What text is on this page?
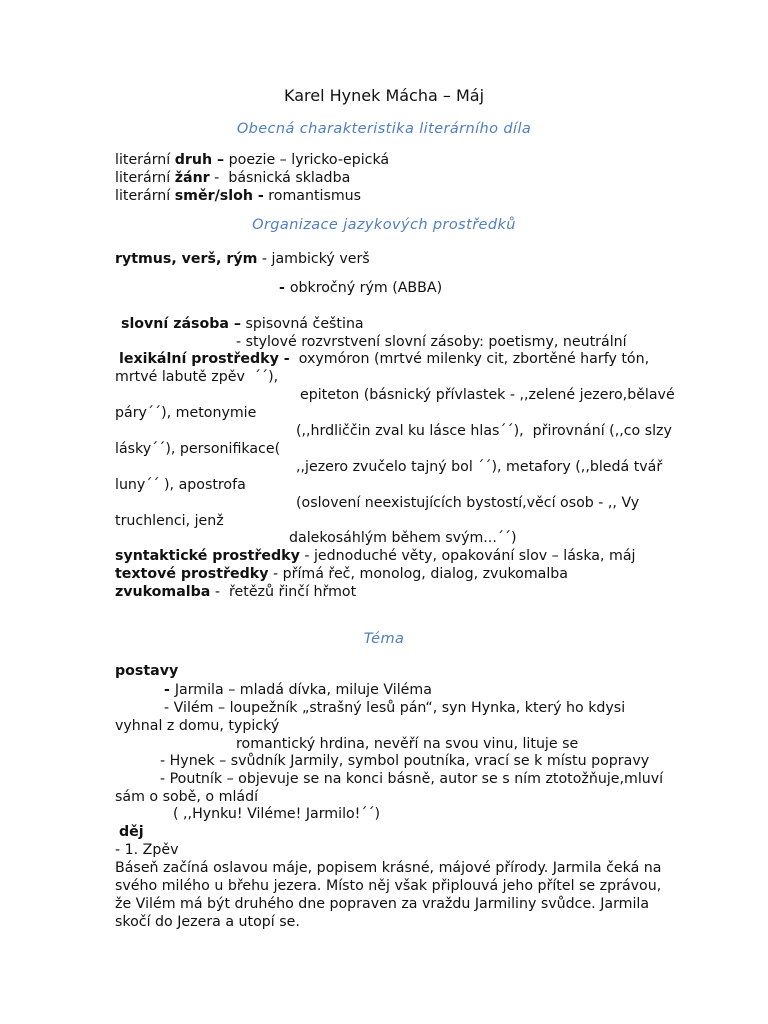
Karel Hynek Mácha – Máj
Obecná charakteristika literárního díla
literární druh – poezie – lyricko-epická
literární žánr -  básnická skladba
literární směr/sloh - romantismus
Organizace jazykových prostředků
rytmus, verš, rým - jambický verš
- obkročný rým (ABBA)
slovní zásoba – spisovná čeština
- stylové rozvrstvení slovní zásoby: poetismy, neutrální
lexikální prostředky -  oxymóron (mrtvé milenky cit, zbortěné harfy tón,
mrtvé labutě zpěv  ´´),
epiteton (básnický přívlastek - ,,zelené jezero,bělavé
páry´´), metonymie
(,,hrdliččin zval ku lásce hlas´´),  přirovnání (,,co slzy
lásky´´), personifikace(
,,jezero zvučelo tajný bol ´´), metafory (,,bledá tvář
luny´´ ), apostrofa
(oslovení neexistujících bystostí,věcí osob - ,, Vy
truchlenci, jenž
dalekosáhlým během svým...´´)
syntaktické prostředky - jednoduché věty, opakování slov – láska, máj
textové prostředky - přímá řeč, monolog, dialog, zvukomalba
zvukomalba -  řetězů řinčí hřmot
Téma
postavy
- Jarmila – mladá dívka, miluje Viléma
- Vilém – loupežník „strašný lesů pán“, syn Hynka, který ho kdysi
vyhnal z domu, typický
romantický hrdina, nevěří na svou vinu, lituje se
- Hynek – svůdník Jarmily, symbol poutníka, vrací se k místu popravy
- Poutník – objevuje se na konci básně, autor se s ním ztotožňuje,mluví
sám o sobě, o mládí
( ,,Hynku! Viléme! Jarmilo!´´)
děj
- 1. Zpěv
Báseň začíná oslavou máje, popisem krásné, májové přírody. Jarmila čeká na
svého milého u břehu jezera. Místo něj však připlouvá jeho přítel se zprávou,
že Vilém má být druhého dne popraven za vraždu Jarmiliny svůdce. Jarmila
skočí do Jezera a utopí se.
